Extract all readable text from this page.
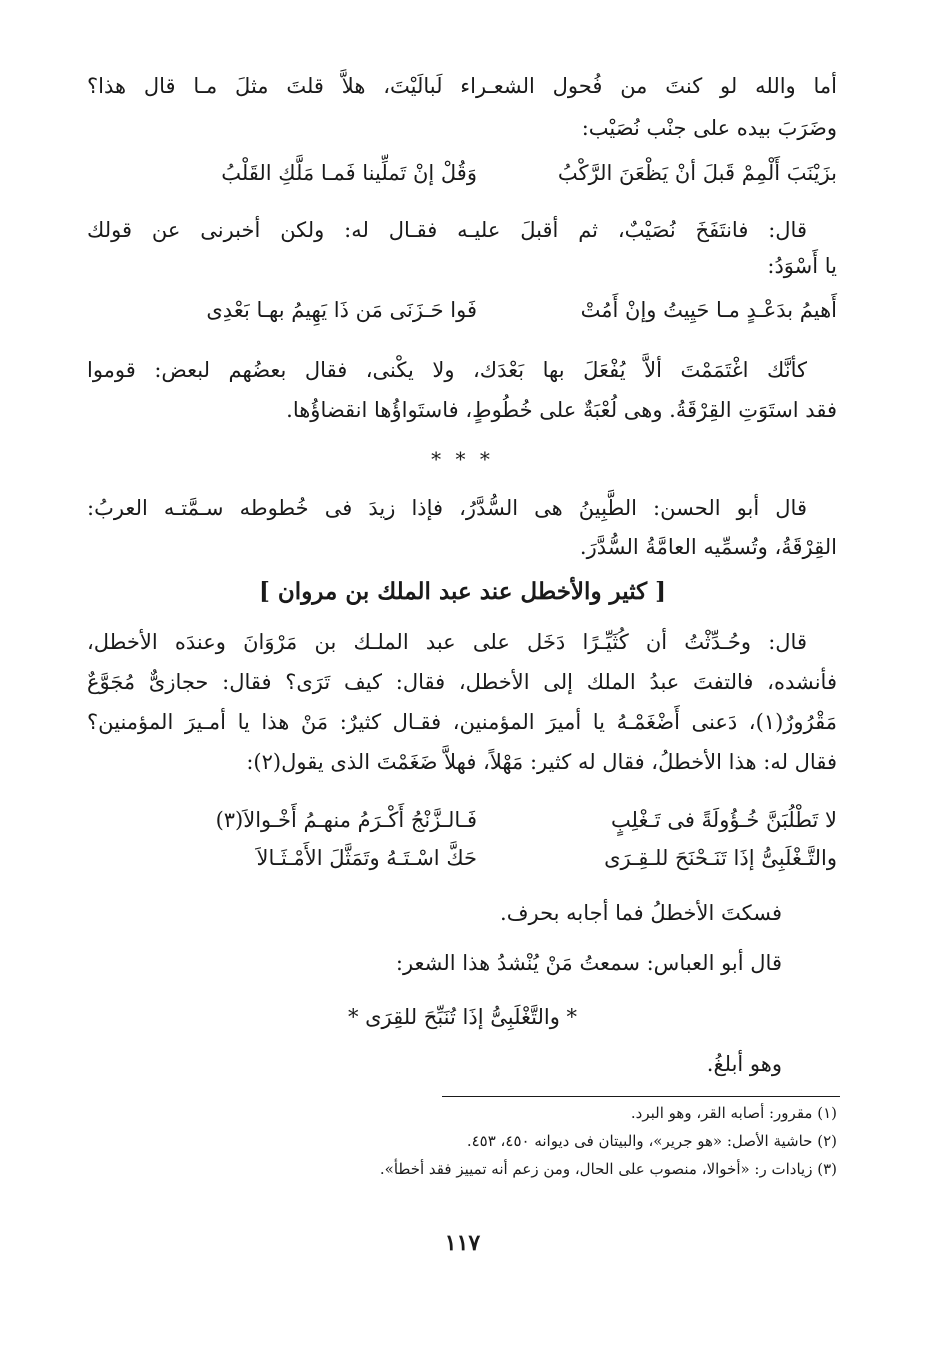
أما والله لو كنتَ من فُحول الشعـراء لَبالَيْتَ، هلاَّ قلتَ مثلَ مـا قال هذا؟
وضَرَبَ بيده على جنْب نُصَيْب:
بزَيْنَبَ أَلْمِمْ قَبلَ أنْ يَظْعَنَ الرَّكْبُ
وَقُلْ إنْ تَملِّينا فَمـا مَلَّكِ القَلْبُ
قال: فانتَفَخَ نُصَيْبٌ، ثم أقبلَ عليـه فقـال له: ولكن أخبرنى عن قولك
يا أَسْوَدُ:
أَهيمُ بدَعْـدٍ مـا حَيِيتُ وإنْ أَمُتْ
فَوا حَـزَنَى مَن ذَا يَهِيمُ بهـا بَعْدِى
كأنَّك اغْتَمَمْتَ ألاَّ يُفْعَلَ بها بَعْدَك، ولا يكْنى، فقال بعضُهم لبعض: قوموا
فقد استَوَتِ القِرْقَةُ. وهى لُعْبَةٌ على خُطُوطٍ، فاستَواؤُها انقضاؤُها.
* * *
قال أبو الحسن: الطَّبِينُ هى السُّدَّرُ، فإذا زيدَ فى خُطوطه سـمَّتـه العربُ:
القِرْقَةُ، وتُسمِّيه العامَّةُ السُّدَّرَ.
[ كثير والأخطل عند عبد الملك بن مروان ]
قال: وحُـدِّثْتُ أن كُثَيِّـرًا دَخَل على عبد الملـك بن مَرْوَانَ وعندَه الأخطل،
فأنشده، فالتفتَ عبدُ الملك إلى الأخطل، فقال: كيف تَرَى؟ فقال: حجازىٌّ مُجَوَّعٌ
مَقْرُورٌ(١)، دَعنى أَضْغَمْـهُ يا أميرَ المؤمنين، فقـال كثيرٌ: مَنْ هذا يا أمـيرَ المؤمنين؟
فقال له: هذا الأخطلُ، فقال له كثير: مَهْلاً، فهلاَّ ضَغَمْتَ الذى يقول(٢):
لا تَطْلُبَنَّ خُـؤُولَةً فى تَـغْلِبٍ
فَـالـزَّنْجُ أَكْـرَمُ منهـمُ أَخْـوالاَ(٣)
والتَّـغْلَبِىُّ إذَا تَنَـحْنَحَ للـقِـرَى
حَكَّ اسْـتَـهُ وتَمَثَّلَ الأَمْـثَـالاَ
فسكتَ الأخطلُ فما أجابه بحرف.
قال أبو العباس: سمعتُ مَنْ يُنْشدُ هذا الشعر:
* والتَّغْلَبِىُّ إذَا تُنَبِّحَ للقِرَى *
وهو أبلغُ.
(١) مقرور: أصابه القر، وهو البرد.
(٢) حاشية الأصل: «هو جرير»، والبيتان فى ديوانه ٤٥٠، ٤٥٣.
(٣) زيادات ر: «أخوالا، منصوب على الحال، ومن زعم أنه تمييز فقد أخطأ».
١١٧
